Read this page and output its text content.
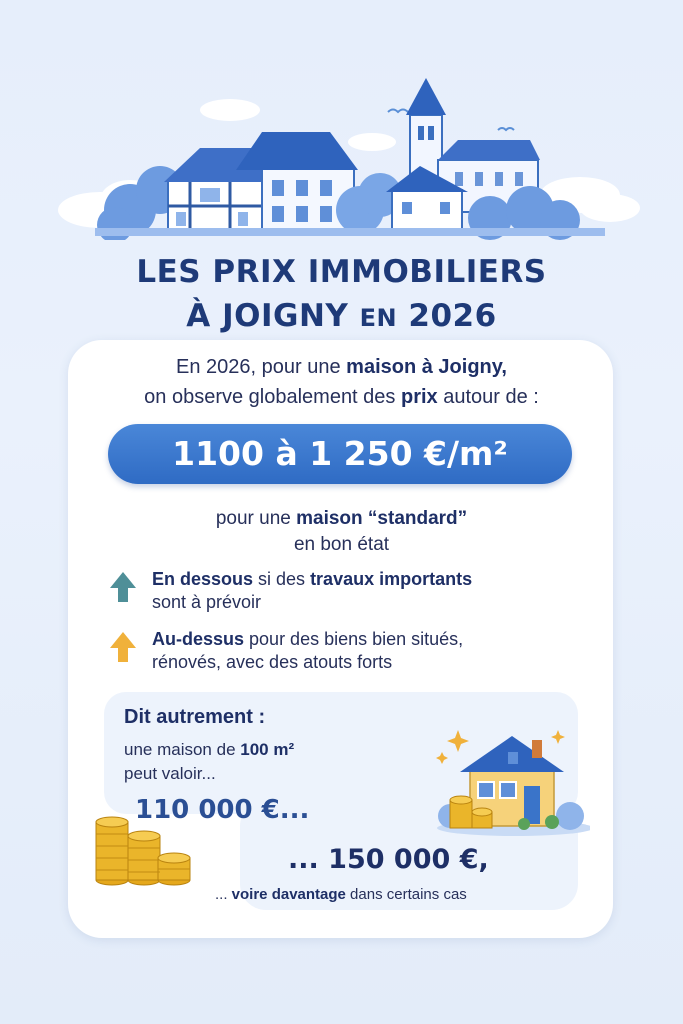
LES PRIX IMMOBILIERS
À JOIGNY EN 2026
En 2026, pour une maison à Joigny,
on observe globalement des prix autour de :
1100 à 1 250 €/m²
pour une maison “standard”
en bon état
En dessous si des travaux importants
sont à prévoir
Au-dessus pour des biens bien situés,
rénovés, avec des atouts forts
Dit autrement :
une maison de 100 m²
peut valoir...
110 000 €...
... 150 000 €,
... voire davantage dans certains cas
